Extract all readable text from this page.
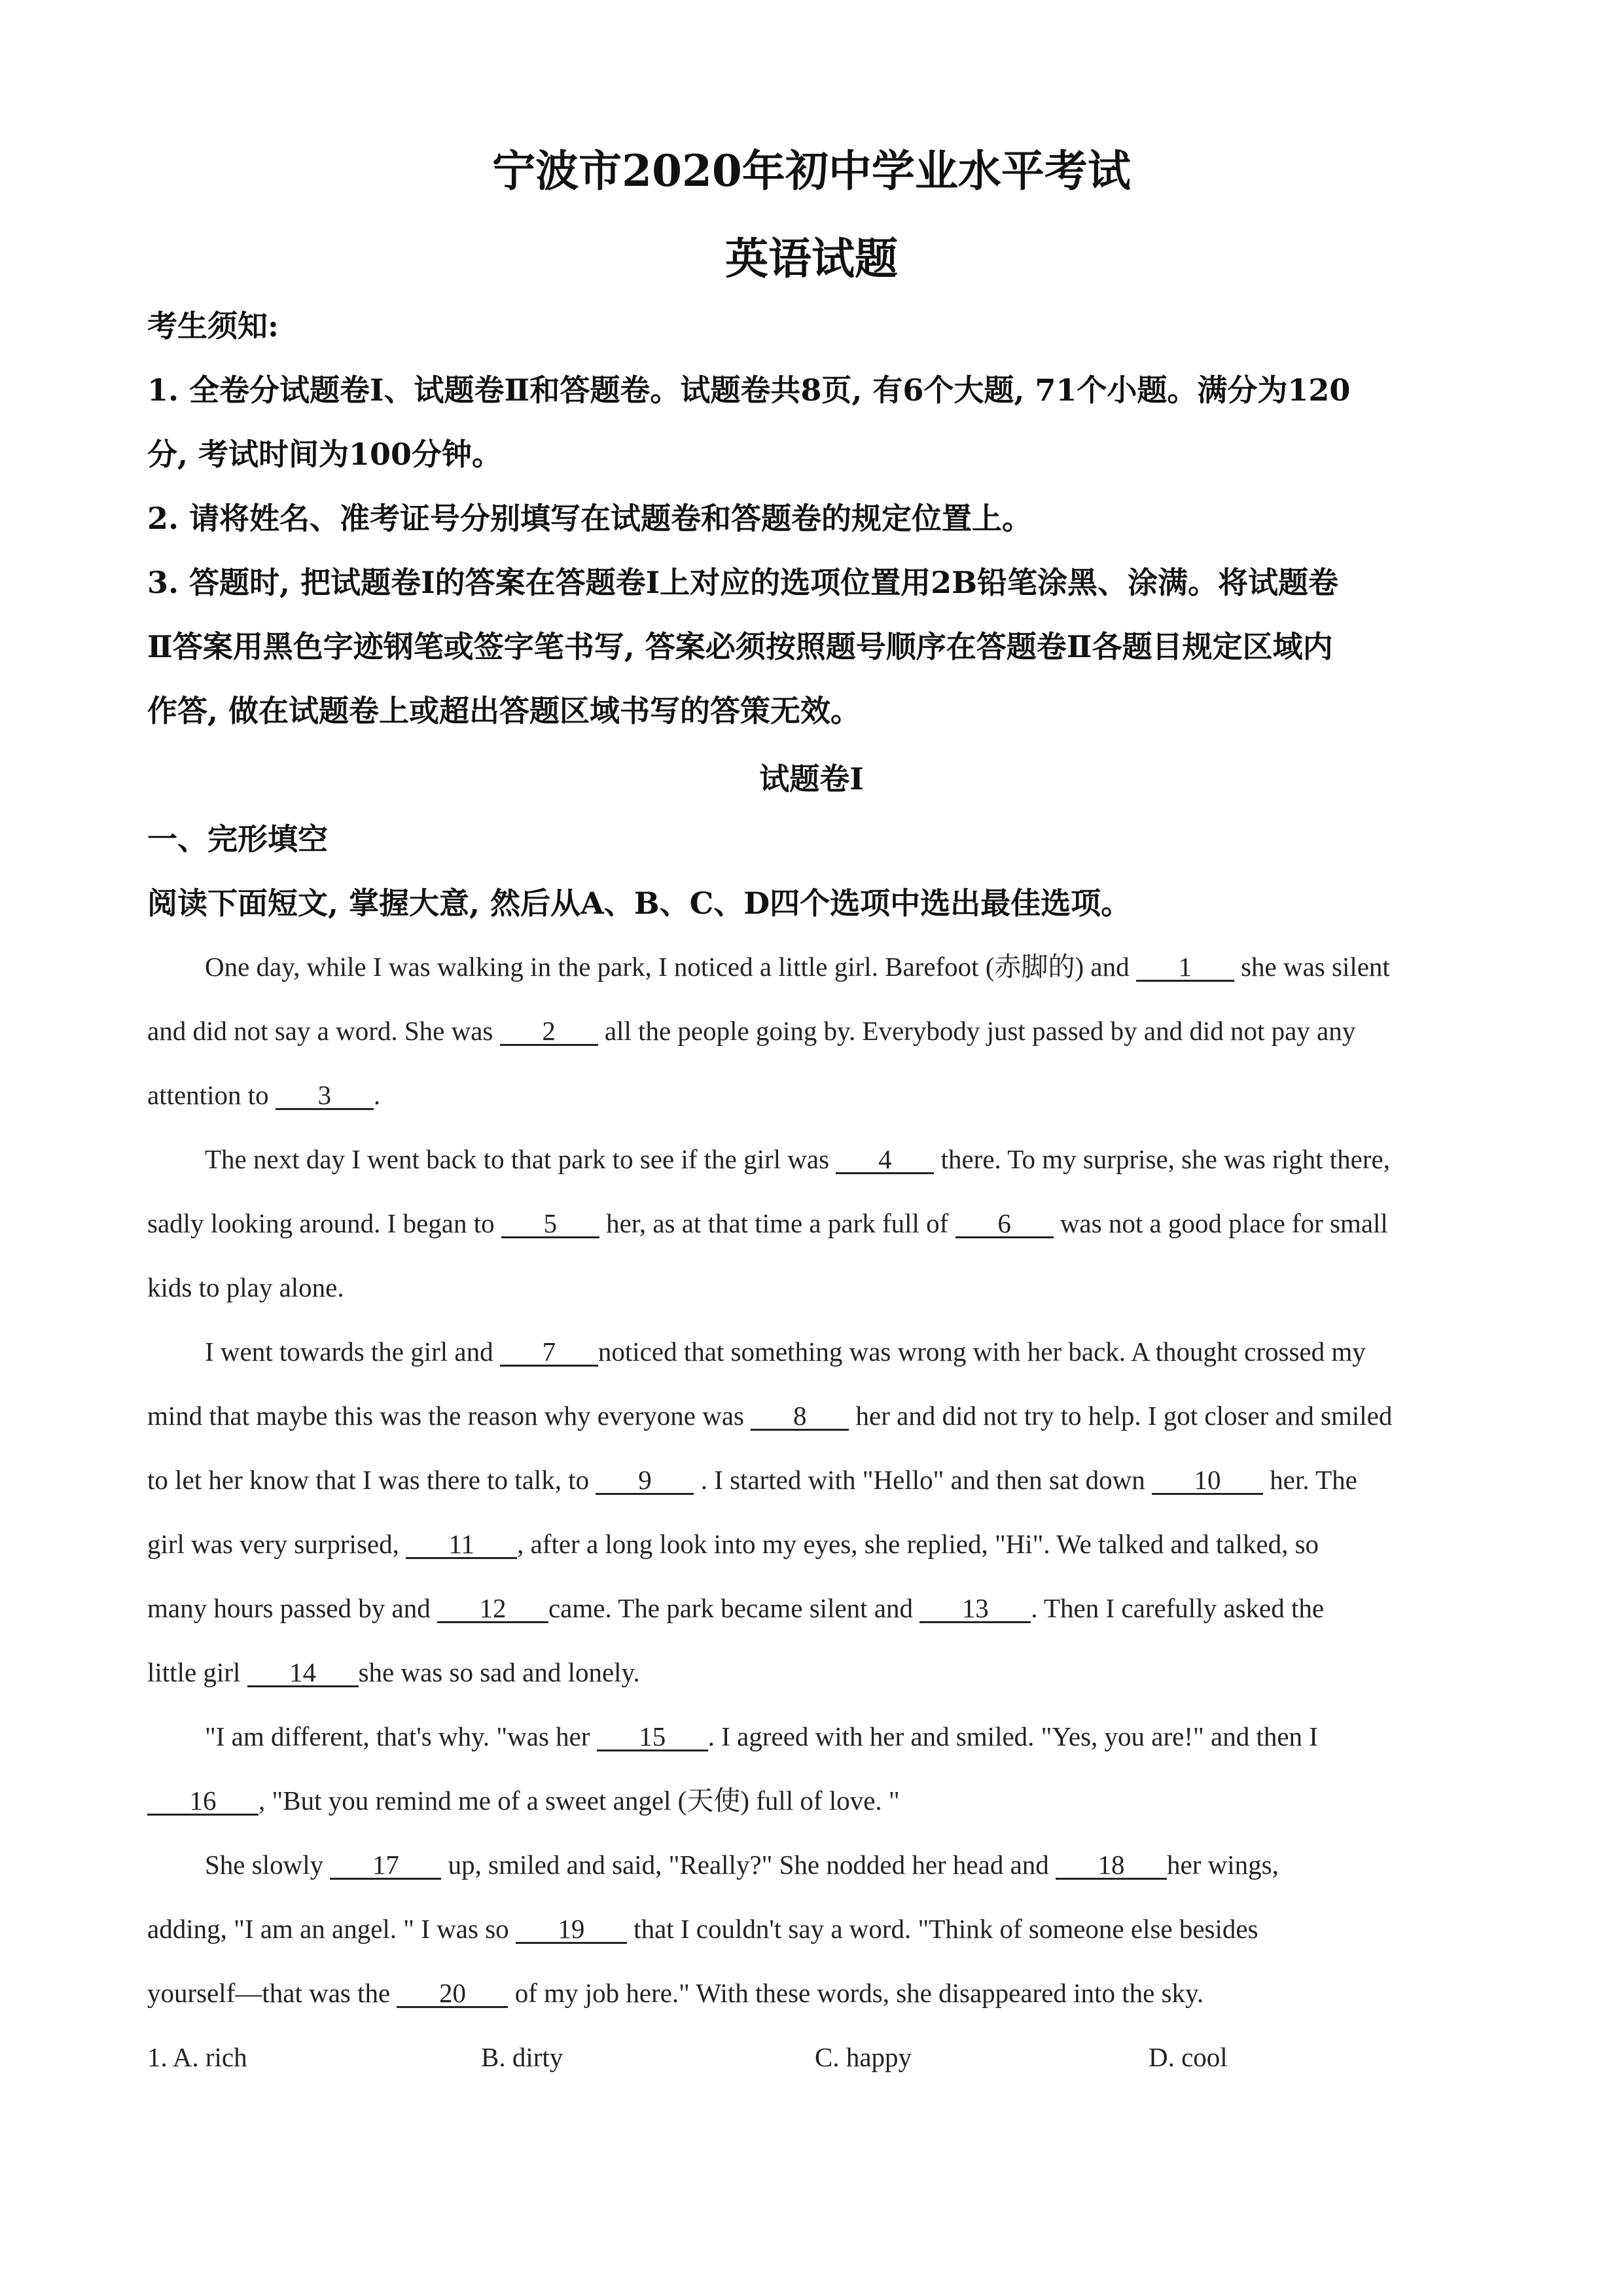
宁波市2020年初中学业水平考试
英语试题
考生须知:
1. 全卷分试题卷I、试题卷Ⅱ和答题卷。试题卷共8页, 有6个大题, 71个小题。满分为120
分, 考试时间为100分钟。
2. 请将姓名、准考证号分别填写在试题卷和答题卷的规定位置上。
3. 答题时, 把试题卷I的答案在答题卷I上对应的选项位置用2B铅笔涂黑、涂满。将试题卷
Ⅱ答案用黑色字迹钢笔或签字笔书写, 答案必须按照题号顺序在答题卷Ⅱ各题目规定区域内
作答, 做在试题卷上或超出答题区域书写的答策无效。
试题卷I
一、完形填空
阅读下面短文, 掌握大意, 然后从A、B、C、D四个选项中选出最佳选项。
One day, while I was walking in the park, I noticed a little girl. Barefoot (赤脚的) and 1 she was silent
and did not say a word. She was 2 all the people going by. Everybody just passed by and did not pay any
attention to 3 .
The next day I went back to that park to see if the girl was 4 there. To my surprise, she was right there,
sadly looking around. I began to 5 her, as at that time a park full of 6 was not a good place for small
kids to play alone.
I went towards the girl and 7 noticed that something was wrong with her back. A thought crossed my
mind that maybe this was the reason why everyone was 8 her and did not try to help. I got closer and smiled
to let her know that I was there to talk, to 9 . I started with "Hello" and then sat down 10 her. The
girl was very surprised, 11 , after a long look into my eyes, she replied, "Hi". We talked and talked, so
many hours passed by and 12 came. The park became silent and 13 . Then I carefully asked the
little girl 14 she was so sad and lonely.
"I am different, that's why. "was her 15 . I agreed with her and smiled. "Yes, you are!" and then I
16 , "But you remind me of a sweet angel (天使) full of love. "
She slowly 17 up, smiled and said, "Really?" She nodded her head and 18 her wings,
adding, "I am an angel. " I was so 19 that I couldn't say a word. "Think of someone else besides
yourself—that was the 20 of my job here." With these words, she disappeared into the sky.
1. A. rich	B. dirty	C. happy	D. cool
